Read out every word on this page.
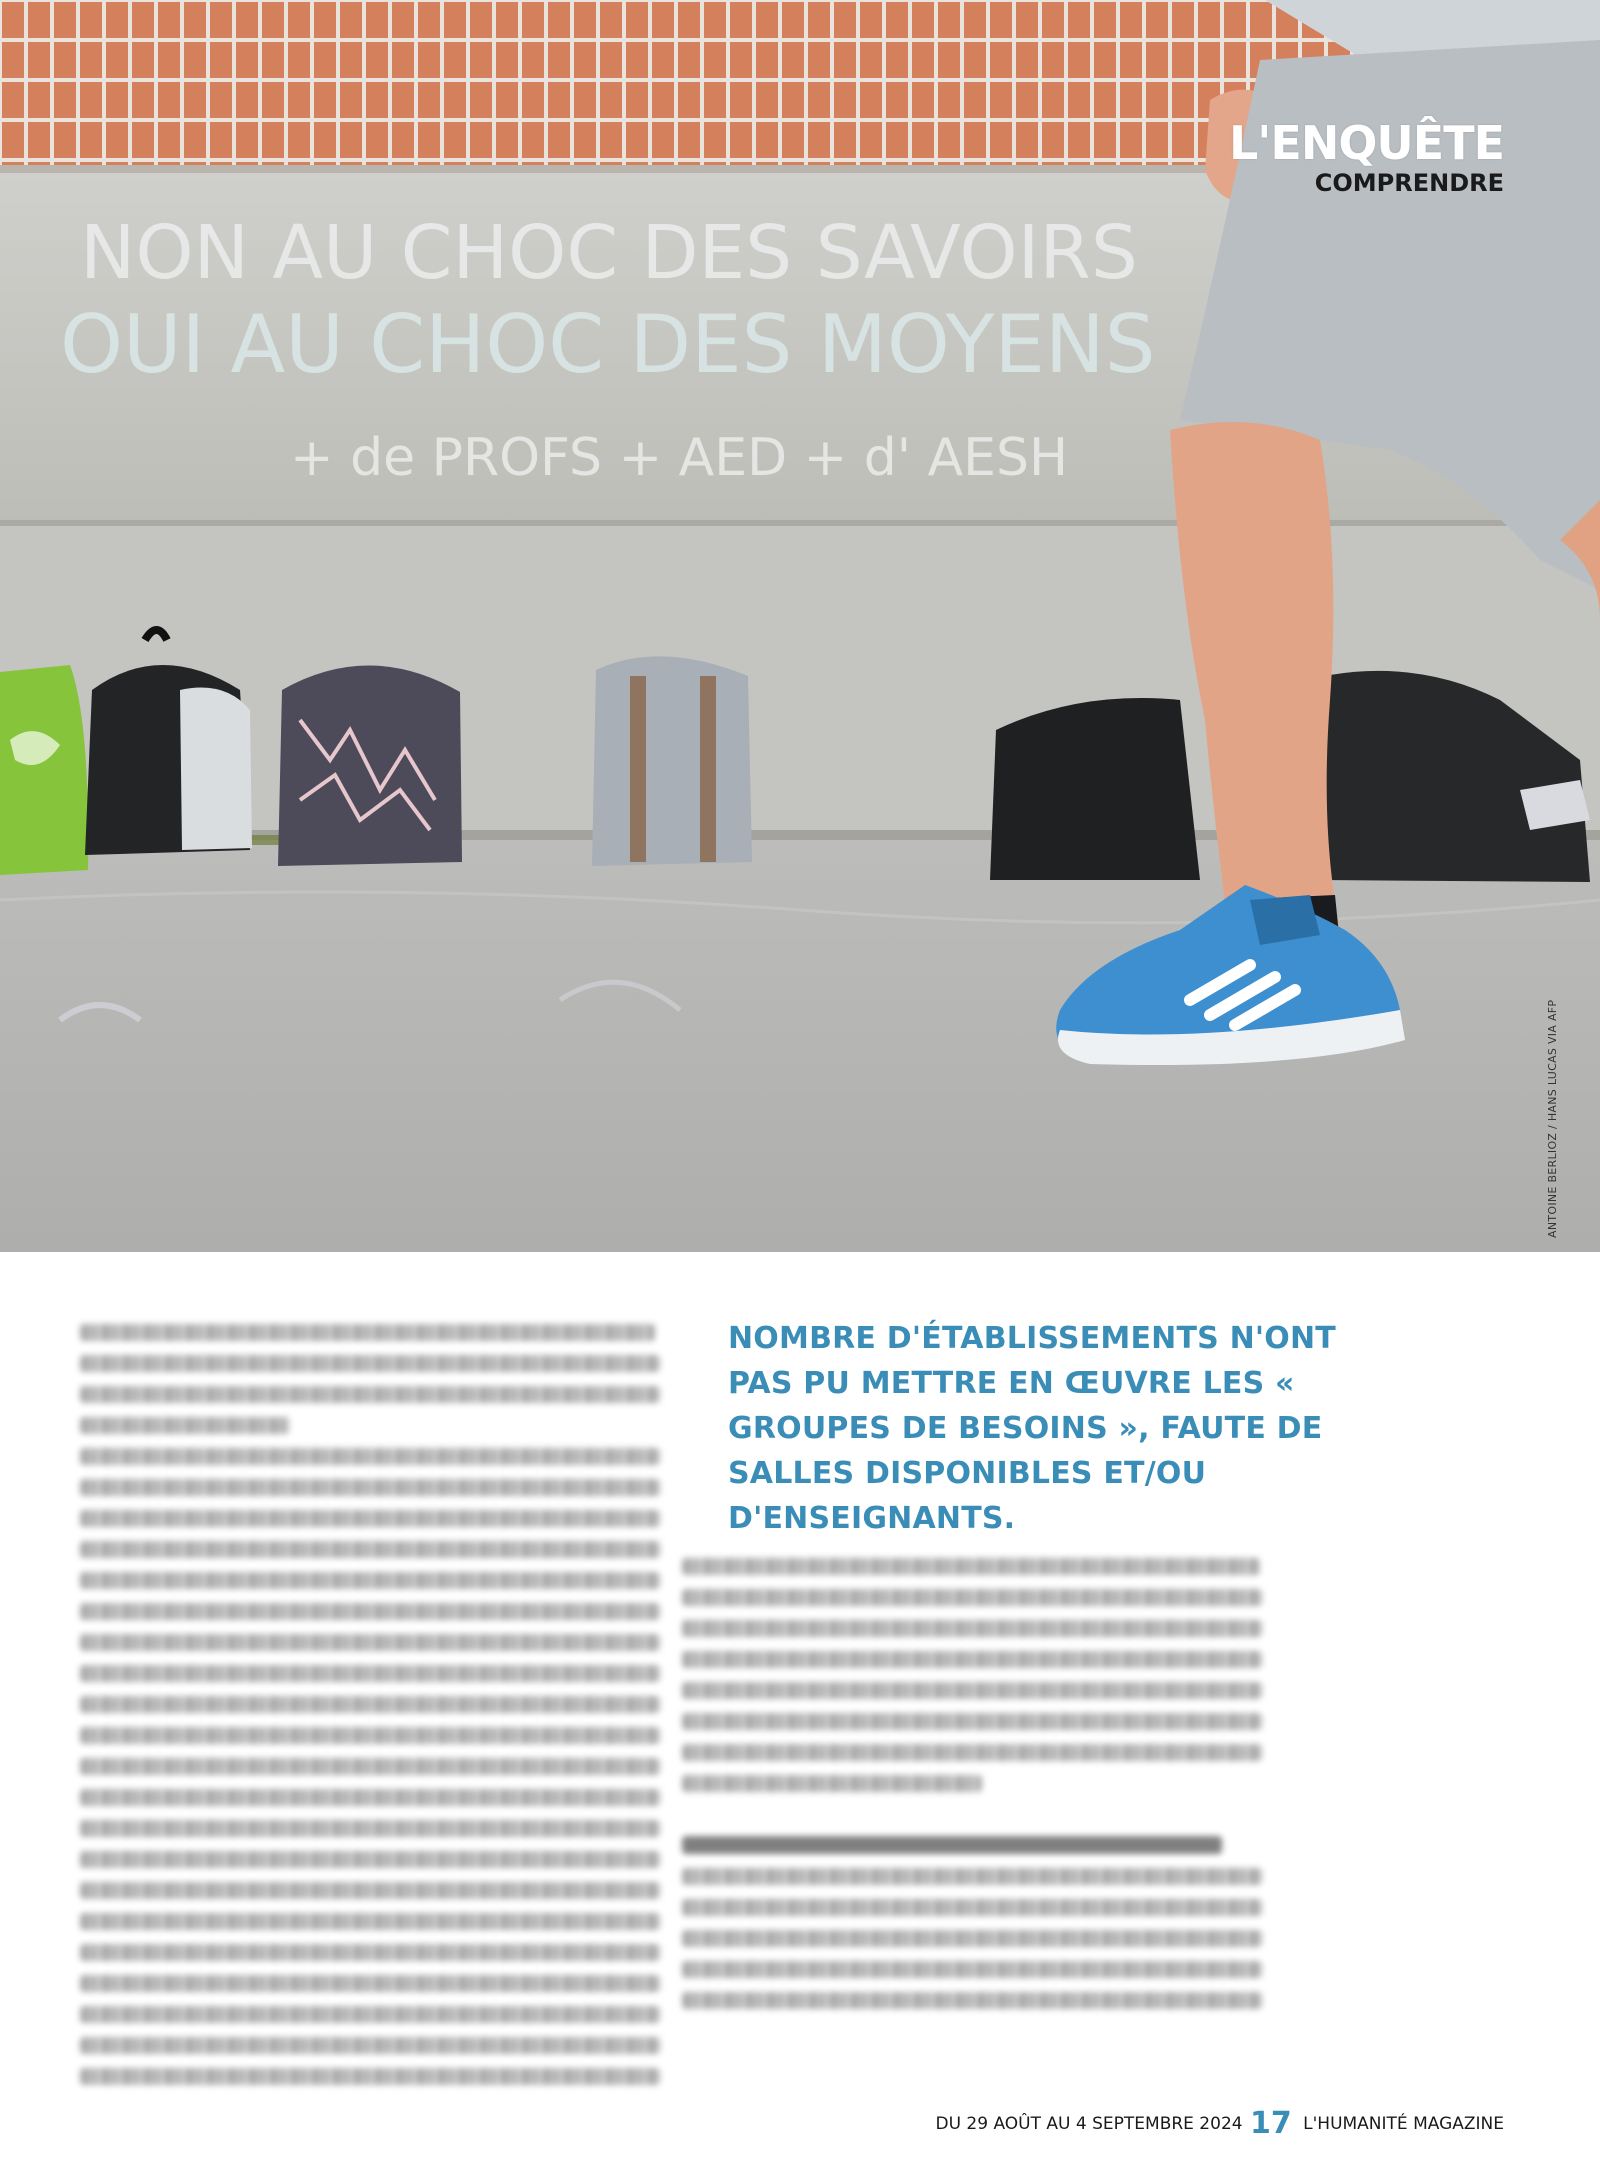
NON AU CHOC DES SAVOIRS
OUI AU CHOC DES MOYENS
+ de PROFS + AED + d' AESH
L'ENQUÊTE
COMPRENDRE
ANTOINE BERLIOZ / HANS LUCAS VIA AFP
NOMBRE D'ÉTABLISSEMENTS N'ONT PAS PU METTRE EN ŒUVRE LES « GROUPES DE BESOINS », FAUTE DE SALLES DISPONIBLES ET/OU D'ENSEIGNANTS.
DU 29 AOÛT AU 4 SEPTEMBRE 2024 17 L'HUMANITÉ MAGAZINE
